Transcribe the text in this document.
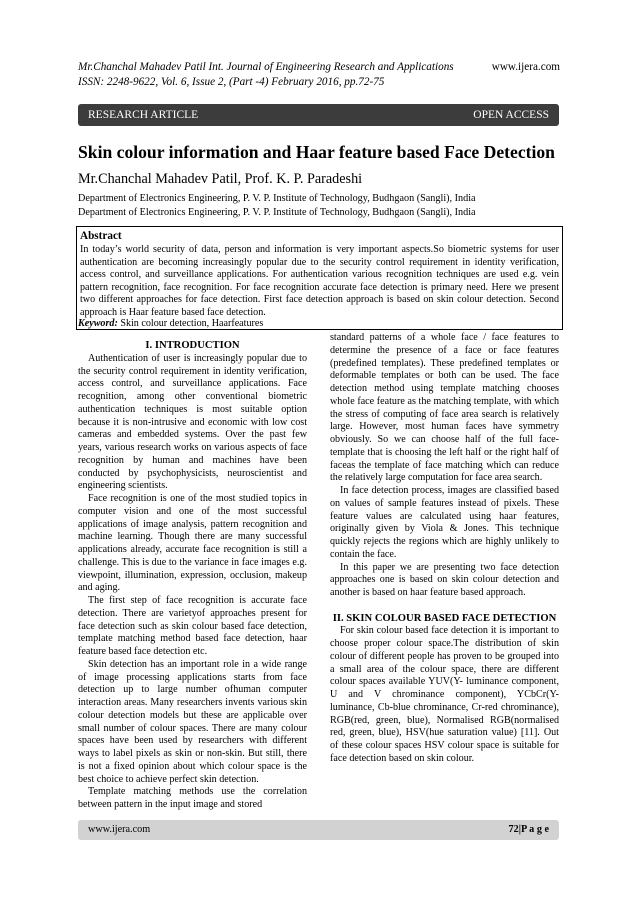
Mr.Chanchal Mahadev Patil Int. Journal of Engineering Research and Applications	www.ijera.com
ISSN: 2248-9622, Vol. 6, Issue 2, (Part -4) February 2016, pp.72-75
RESEARCH ARTICLE	OPEN ACCESS
Skin colour information and Haar feature based Face Detection
Mr.Chanchal Mahadev Patil, Prof. K. P. Paradeshi
Department of Electronics Engineering, P. V. P. Institute of Technology, Budhgaon (Sangli), India
Department of Electronics Engineering, P. V. P. Institute of Technology, Budhgaon (Sangli), India
Abstract
In today’s world security of data, person and information is very important aspects.So biometric systems for user authentication are becoming increasingly popular due to the security control requirement in identity verification, access control, and surveillance applications. For authentication various recognition techniques are used e.g. vein pattern recognition, face recognition. For face recognition accurate face detection is primary need. Here we present two different approaches for face detection. First face detection approach is based on skin colour detection. Second approach is Haar feature based face detection.
Keyword: Skin colour detection, Haarfeatures

I. INTRODUCTION

Authentication of user is increasingly popular due to the security control requirement in identity verification, access control, and surveillance applications. Face recognition, among other conventional biometric authentication techniques is most suitable option because it is non-intrusive and economic with low cost cameras and embedded systems. Over the past few years, various research works on various aspects of face recognition by human and machines have been conducted by psychophysicists, neuroscientist and engineering scientists.

Face recognition is one of the most studied topics in computer vision and one of the most successful applications of image analysis, pattern recognition and machine learning. Though there are many successful applications already, accurate face recognition is still a challenge. This is due to the variance in face images e.g. viewpoint, illumination, expression, occlusion, makeup and aging.

The first step of face recognition is accurate face detection. There are varietyof approaches present for face detection such as skin colour based face detection, template matching method based face detection, haar feature based face detection etc.

Skin detection has an important role in a wide range of image processing applications starts from face detection up to large number ofhuman computer interaction areas. Many researchers invents various skin colour detection models but these are applicable over small number of colour spaces. There are many colour spaces have been used by researchers with different ways to label pixels as skin or non-skin. But still, there is not a fixed opinion about which colour space is the best choice to achieve perfect skin detection.

Template matching methods use the correlation between pattern in the input image and stored

standard patterns of a whole face / face features to determine the presence of a face or face features (predefined templates). These predefined templates or deformable templates or both can be used. The face detection method using template matching chooses whole face feature as the matching template, with which the stress of computing of face area search is relatively large. However, most human faces have symmetry obviously. So we can choose half of the full face-template that is choosing the left half or the right half of faceas the template of face matching which can reduce the relatively large computation for face area search.

In face detection process, images are classified based on values of sample features instead of pixels. These feature values are calculated using haar features, originally given by Viola & Jones. This technique quickly rejects the regions which are highly unlikely to contain the face.

In this paper we are presenting two face detection approaches one is based on skin colour detection and another is based on haar feature based approach.

II. SKIN COLOUR BASED FACE DETECTION

For skin colour based face detection it is important to choose proper colour space.The distribution of skin colour of different people has proven to be grouped into a small area of the colour space, there are different colour spaces available YUV(Y- luminance component, U and V chrominance component), YCbCr(Y- luminance, Cb-blue chrominance, Cr-red chrominance), RGB(red, green, blue), Normalised RGB(normalised red, green, blue), HSV(hue saturation value) [11]. Out of these colour spaces HSV colour space is suitable for face detection based on skin colour.

www.ijera.com	72|P a g e
